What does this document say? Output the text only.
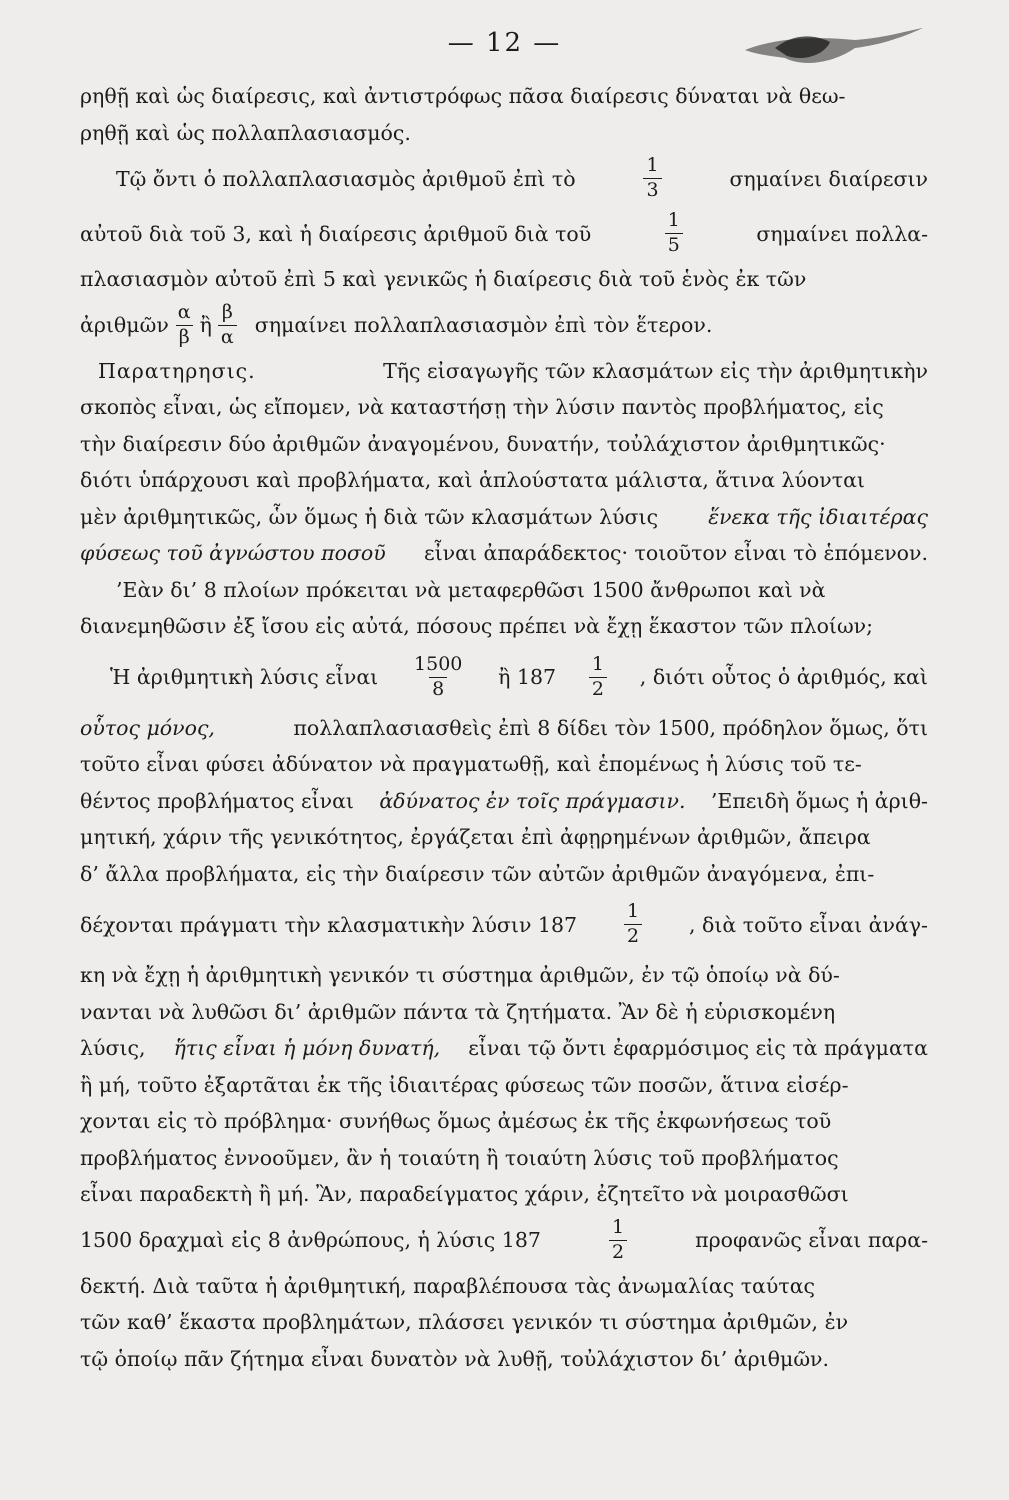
— 12 —
ρηθῇ καὶ ὡς διαίρεσις, καὶ ἀντιστρόφως πᾶσα διαίρεσις δύναται νὰ θεω-
ρηθῇ καὶ ὡς πολλαπλασιασμός.
Τῷ ὄντι ὁ πολλαπλασιασμὸς ἀριθμοῦ ἐπὶ τὸ	$\frac{1}{3}$	σημαίνει διαίρεσιν
αὐτοῦ διὰ τοῦ 3, καὶ ἡ διαίρεσις ἀριθμοῦ διὰ τοῦ	$\frac{1}{5}$	σημαίνει πολλα-
πλασιασμὸν αὐτοῦ ἐπὶ 5 καὶ γενικῶς ἡ διαίρεσις διὰ τοῦ ἑνὸς ἐκ τῶν
ἀριθμῶν $\frac{\alpha}{\beta}$ ἢ $\frac{\beta}{\alpha}$ σημαίνει πολλαπλασιασμὸν ἐπὶ τὸν ἕτερον.
Παρατηρησις.	Τῆς εἰσαγωγῆς τῶν κλασμάτων εἰς τὴν ἀριθμητικὴν
σκοπὸς εἶναι, ὡς εἴπομεν, νὰ καταστήσῃ τὴν λύσιν παντὸς προβλήματος, εἰς
τὴν διαίρεσιν δύο ἀριθμῶν ἀναγομένου, δυνατήν, τοὐλάχιστον ἀριθμητικῶς·
διότι ὑπάρχουσι καὶ προβλήματα, καὶ ἁπλούστατα μάλιστα, ἅτινα λύονται
μὲν ἀριθμητικῶς, ὧν ὅμως ἡ διὰ τῶν κλασμάτων λύσις ἕνεκα τῆς ἰδιαιτέρας
φύσεως τοῦ ἀγνώστου ποσοῦ εἶναι ἀπαράδεκτος· τοιοῦτον εἶναι τὸ ἑπόμενον.
’Εὰν δι’ 8 πλοίων πρόκειται νὰ μεταφερθῶσι 1500 ἄνθρωποι καὶ νὰ
διανεμηθῶσιν ἐξ ἴσου εἰς αὐτά, πόσους πρέπει νὰ ἔχῃ ἕκαστον τῶν πλοίων;
Ἡ ἀριθμητικὴ λύσις εἶναι $\frac{1500}{8}$ ἢ $187 \frac{1}{2}$ , διότι οὗτος ὁ ἀριθμός, καὶ
οὗτος μόνος,	πολλαπλασιασθεὶς ἐπὶ 8 δίδει τὸν 1500, πρόδηλον ὅμως, ὅτι
τοῦτο εἶναι φύσει ἀδύνατον νὰ πραγματωθῇ, καὶ ἑπομένως ἡ λύσις τοῦ τε-
θέντος προβλήματος εἶναι ἀδύνατος ἐν τοῖς πράγμασιν. ’Επειδὴ ὅμως ἡ ἀριθ-
μητική, χάριν τῆς γενικότητος, ἐργάζεται ἐπὶ ἀφῃρημένων ἀριθμῶν, ἄπειρα
δ’ ἄλλα προβλήματα, εἰς τὴν διαίρεσιν τῶν αὐτῶν ἀριθμῶν ἀναγόμενα, ἐπι-
δέχονται πράγματι τὴν κλασματικὴν λύσιν $187 \frac{1}{2}$ , διὰ τοῦτο εἶναι ἀνάγ-
κη νὰ ἔχῃ ἡ ἀριθμητικὴ γενικόν τι σύστημα ἀριθμῶν, ἐν τῷ ὁποίῳ νὰ δύ-
νανται νὰ λυθῶσι δι’ ἀριθμῶν πάντα τὰ ζητήματα. Ἂν δὲ ἡ εὑρισκομένη
λύσις, ἥτις εἶναι ἡ μόνη δυνατή, εἶναι τῷ ὄντι ἐφαρμόσιμος εἰς τὰ πράγματα
ἢ μή, τοῦτο ἐξαρτᾶται ἐκ τῆς ἰδιαιτέρας φύσεως τῶν ποσῶν, ἅτινα εἰσέρ-
χονται εἰς τὸ πρόβλημα· συνήθως ὅμως ἀμέσως ἐκ τῆς ἐκφωνήσεως τοῦ
προβλήματος ἐννοοῦμεν, ἂν ἡ τοιαύτη ἢ τοιαύτη λύσις τοῦ προβλήματος
εἶναι παραδεκτὴ ἢ μή. Ἂν, παραδείγματος χάριν, ἐζητεῖτο νὰ μοιρασθῶσι
1500 δραχμαὶ εἰς 8 ἀνθρώπους, ἡ λύσις 187	$\frac{1}{2}$	προφανῶς εἶναι παρα-
δεκτή. Διὰ ταῦτα ἡ ἀριθμητική, παραβλέπουσα τὰς ἀνωμαλίας ταύτας
τῶν καθ’ ἕκαστα προβλημάτων, πλάσσει γενικόν τι σύστημα ἀριθμῶν, ἐν
τῷ ὁποίῳ πᾶν ζήτημα εἶναι δυνατὸν νὰ λυθῇ, τοὐλάχιστον δι’ ἀριθμῶν.
